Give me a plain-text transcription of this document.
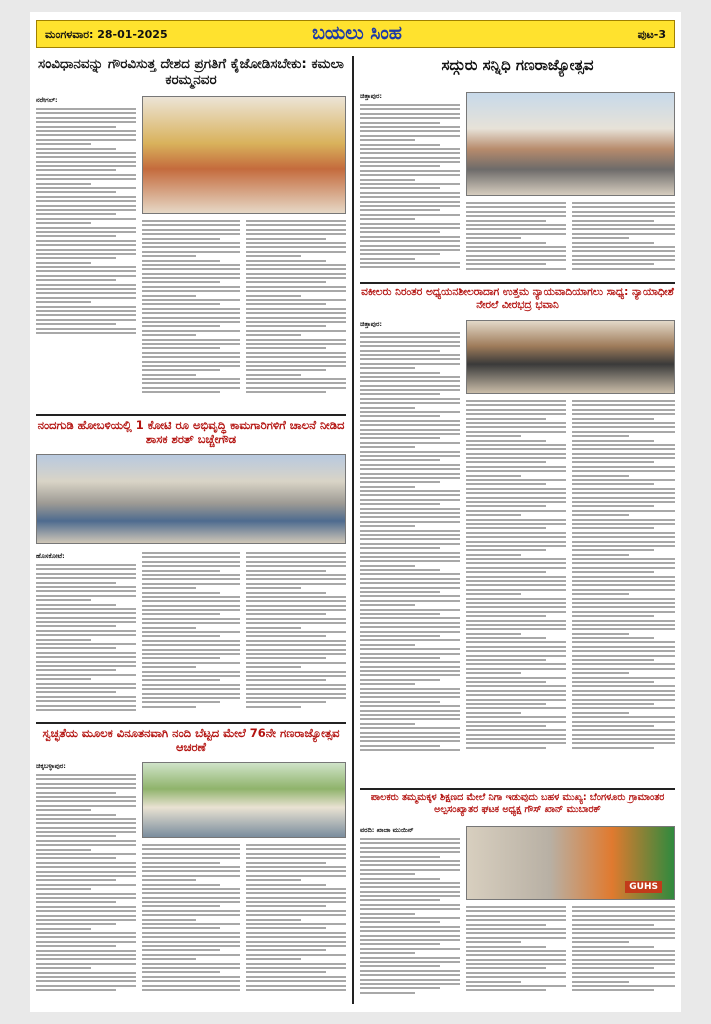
ಮಂಗಳವಾರ: 28-01-2025	ಬಯಲು ಸಿಂಹ	ಪುಟ-3
ಸಂವಿಧಾನವನ್ನು ಗೌರವಿಸುತ್ತ ದೇಶದ ಪ್ರಗತಿಗೆ ಕೈಜೋಡಿಸಬೇಕು: ಕಮಲಾ ಕರಮ್ಮನವರ
ನರೇಗಲ್:
ನಂದಗುಡಿ ಹೋಬಳಿಯಲ್ಲಿ 1 ಕೋಟಿ ರೂ ಅಭಿವೃದ್ಧಿ ಕಾಮಗಾರಿಗಳಿಗೆ ಚಾಲನೆ ನೀಡಿದ ಶಾಸಕ ಶರತ್ ಬಚ್ಚೇಗೌಡ
ಹೊಸಕೋಟೆ:
ಸ್ವಚ್ಛತೆಯ ಮೂಲಕ ವಿನೂತನವಾಗಿ ನಂದಿ ಬೆಟ್ಟದ ಮೇಲೆ 76ನೇ ಗಣರಾಜ್ಯೋತ್ಸವ ಆಚರಣೆ
ಚಿಕ್ಕಬಳ್ಳಾಪುರ:
ಸದ್ಗುರು ಸನ್ನಿಧಿ ಗಣರಾಜ್ಯೋತ್ಸವ
ಚಿತ್ತಾಪುರ:
ವಕೀಲರು ನಿರಂತರ ಅಧ್ಯಯನಶೀಲರಾದಾಗ ಉತ್ತಮ ನ್ಯಾಯವಾದಿಯಾಗಲು ಸಾಧ್ಯ: ನ್ಯಾಯಾಧೀಶೆ ನೇರಲೆ ವೀರಭದ್ರ ಭವಾನಿ
ಚಿತ್ತಾಪುರ:
ಪಾಲಕರು ತಮ್ಮಮಕ್ಕಳ ಶಿಕ್ಷಣದ ಮೇಲೆ ನಿಗಾ ಇಡುವುದು ಬಹಳ ಮುಖ್ಯ: ಬೆಂಗಳೂರು ಗ್ರಾಮಾಂತರ ಅಲ್ಪಸಂಖ್ಯಾತರ ಘಟಕ ಅಧ್ಯಕ್ಷ ಗೌಸ್ ಖಾನ್ ಮುಬಾರಕ್
ವರದಿ: ಖಾಜಾ ಮುಯಿನ್
GUHS
